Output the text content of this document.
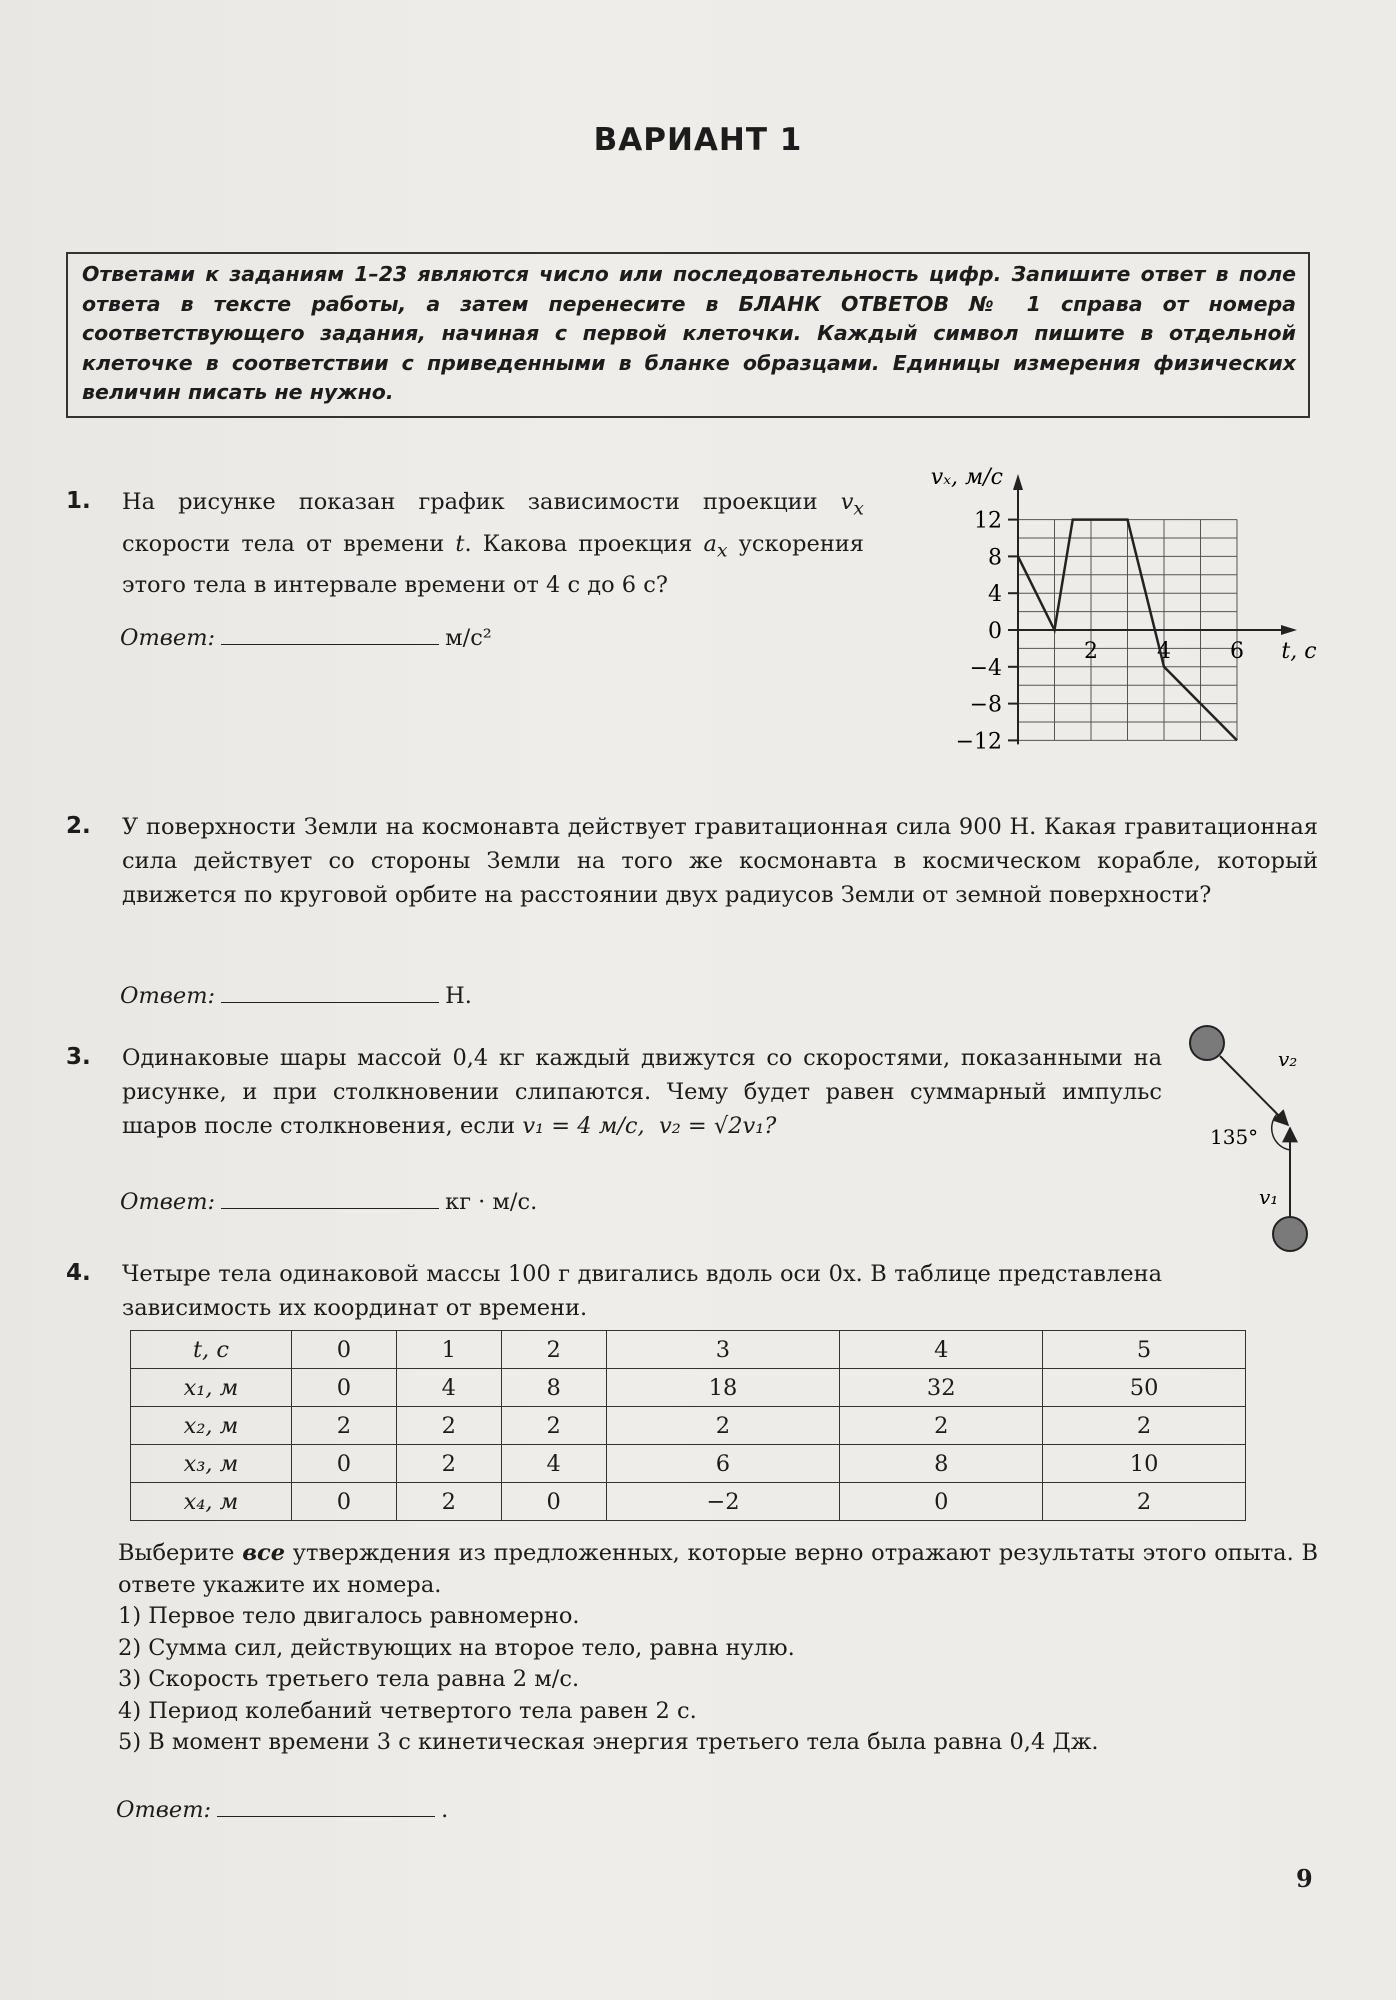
ВАРИАНТ 1
Ответами к заданиям 1–23 являются число или последовательность цифр. Запишите ответ в поле ответа в тексте работы, а затем перенесите в БЛАНК ОТВЕТОВ № 1 справа от номера соответствующего задания, начиная с первой клеточки. Каждый символ пишите в отдельной клеточке в соответствии с приведенными в бланке образцами. Единицы измерения физических величин писать не нужно.
1. На рисунке показан график зависимости проекции $v_x$ скорости тела от времени t. Какова проекция $a_x$ ускорения этого тела в интервале времени от 4 с до 6 с?
Ответ:	м/с²
12
8
4
0
−4
−8
−12
2	4	6
vₓ, м/с
t, c
2. У поверхности Земли на космонавта действует гравитационная сила 900 Н. Какая гравитационная сила действует со стороны Земли на того же космонавта в космическом корабле, который движется по круговой орбите на расстоянии двух радиусов Земли от земной поверхности?
Ответ:	Н.
3. Одинаковые шары массой 0,4 кг каждый движутся со скоростями, показанными на рисунке, и при столкновении слипаются. Чему будет равен суммарный импульс шаров после столкновения, если v₁ = 4 м/с, v₂ = √2v₁?
Ответ:	кг · м/с.
v₂
135°
v₁
4. Четыре тела одинаковой массы 100 г двигались вдоль оси 0x. В таблице представлена зависимость их координат от времени.
t, c	0	1	2	3	4	5
x₁, м	0	4	8	18	32	50
x₂, м	2	2	2	2	2	2
x₃, м	0	2	4	6	8	10
x₄, м	0	2	0	−2	0	2
Выберите все утверждения из предложенных, которые верно отражают результаты этого опыта. В ответе укажите их номера.
1) Первое тело двигалось равномерно.
2) Сумма сил, действующих на второе тело, равна нулю.
3) Скорость третьего тела равна 2 м/с.
4) Период колебаний четвертого тела равен 2 с.
5) В момент времени 3 с кинетическая энергия третьего тела была равна 0,4 Дж.
Ответ:	.
9
